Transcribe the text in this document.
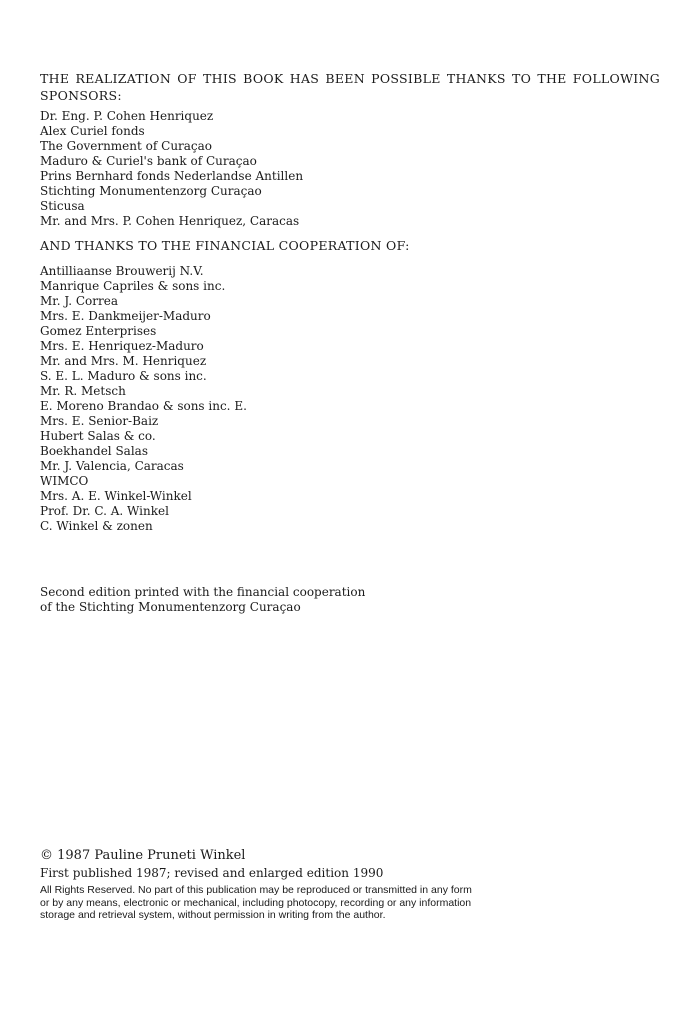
THE REALIZATION OF THIS BOOK HAS BEEN POSSIBLE THANKS TO THE FOLLOWING SPONSORS:

Dr. Eng. P. Cohen Henriquez
Alex Curiel fonds
The Government of Curaçao
Maduro & Curiel's bank of Curaçao
Prins Bernhard fonds Nederlandse Antillen
Stichting Monumentenzorg Curaçao
Sticusa
Mr. and Mrs. P. Cohen Henriquez, Caracas

AND THANKS TO THE FINANCIAL COOPERATION OF:

Antilliaanse Brouwerij N.V.
Manrique Capriles & sons inc.
Mr. J. Correa
Mrs. E. Dankmeijer-Maduro
Gomez Enterprises
Mrs. E. Henriquez-Maduro
Mr. and Mrs. M. Henriquez
S. E. L. Maduro & sons inc.
Mr. R. Metsch
E. Moreno Brandao & sons inc. E.
Mrs. E. Senior-Baiz
Hubert Salas & co.
Boekhandel Salas
Mr. J. Valencia, Caracas
WIMCO
Mrs. A. E. Winkel-Winkel
Prof. Dr. C. A. Winkel
C. Winkel & zonen

Second edition printed with the financial cooperation
of the Stichting Monumentenzorg Curaçao

© 1987 Pauline Pruneti Winkel

First published 1987; revised and enlarged edition 1990

All Rights Reserved. No part of this publication may be reproduced or transmitted in any form
or by any means, electronic or mechanical, including photocopy, recording or any information
storage and retrieval system, without permission in writing from the author.
